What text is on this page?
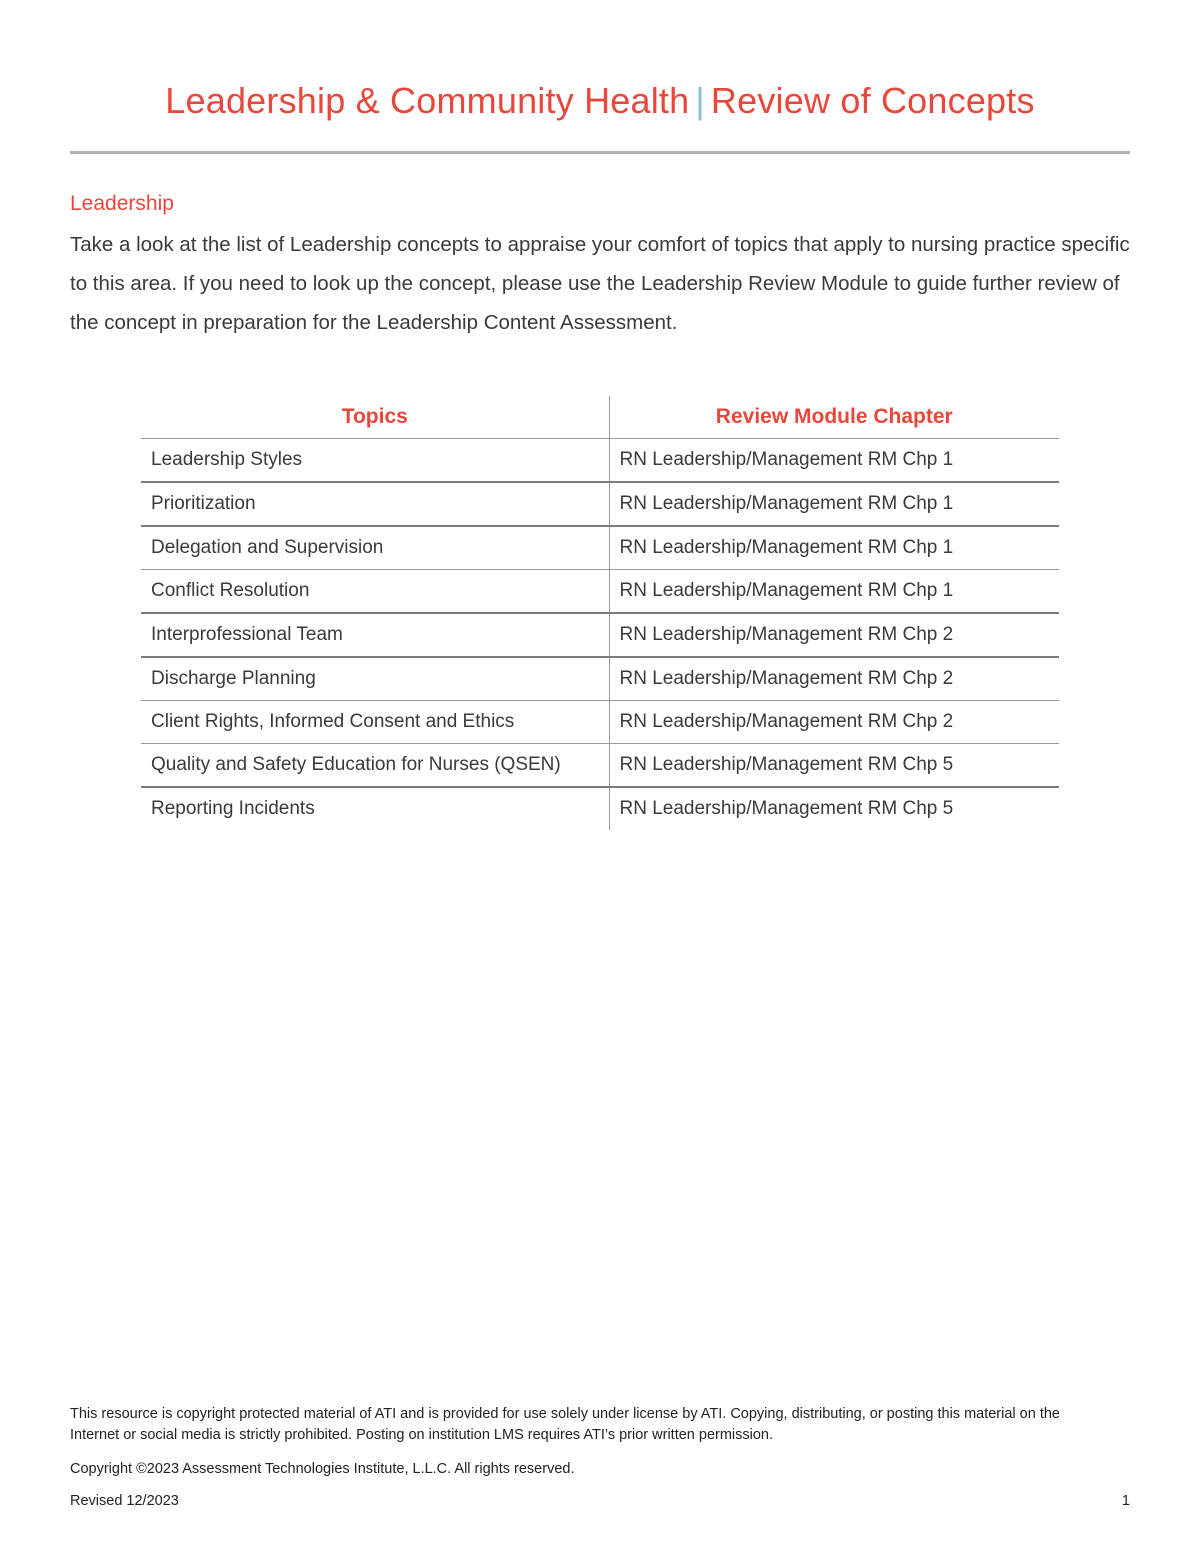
Leadership & Community Health | Review of Concepts
Leadership

Take a look at the list of Leadership concepts to appraise your comfort of topics that apply to nursing practice specific to this area. If you need to look up the concept, please use the Leadership Review Module to guide further review of the concept in preparation for the Leadership Content Assessment.

Topics	Review Module Chapter
Leadership Styles	RN Leadership/Management RM Chp 1
Prioritization	RN Leadership/Management RM Chp 1
Delegation and Supervision	RN Leadership/Management RM Chp 1
Conflict Resolution	RN Leadership/Management RM Chp 1
Interprofessional Team	RN Leadership/Management RM Chp 2
Discharge Planning	RN Leadership/Management RM Chp 2
Client Rights, Informed Consent and Ethics	RN Leadership/Management RM Chp 2
Quality and Safety Education for Nurses (QSEN)	RN Leadership/Management RM Chp 5
Reporting Incidents	RN Leadership/Management RM Chp 5

This resource is copyright protected material of ATI and is provided for use solely under license by ATI. Copying, distributing, or posting this material on the Internet or social media is strictly prohibited. Posting on institution LMS requires ATI’s prior written permission.

Copyright ©2023 Assessment Technologies Institute, L.L.C. All rights reserved.
Revised 12/2023	1
